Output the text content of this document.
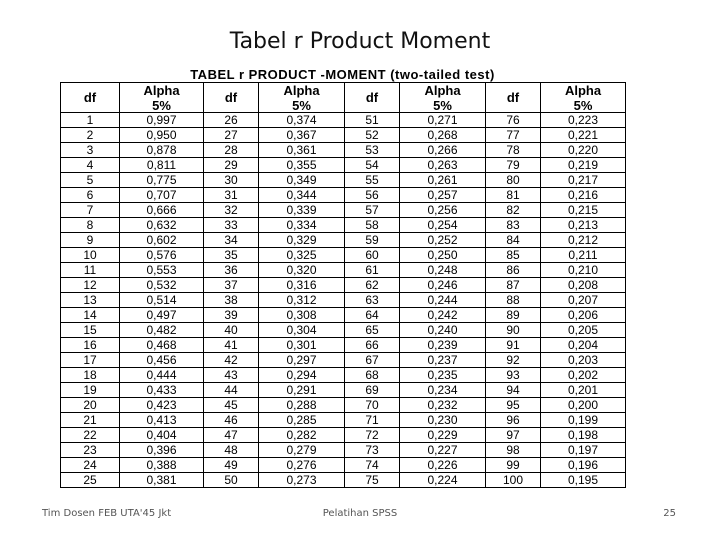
Tabel r Product Moment
TABEL r PRODUCT -MOMENT (two-tailed test)
df	Alpha	df	Alpha	df	Alpha	df	Alpha
	5%		5%		5%		5%
1	0,997	26	0,374	51	0,271	76	0,223
2	0,950	27	0,367	52	0,268	77	0,221
3	0,878	28	0,361	53	0,266	78	0,220
4	0,811	29	0,355	54	0,263	79	0,219
5	0,775	30	0,349	55	0,261	80	0,217
6	0,707	31	0,344	56	0,257	81	0,216
7	0,666	32	0,339	57	0,256	82	0,215
8	0,632	33	0,334	58	0,254	83	0,213
9	0,602	34	0,329	59	0,252	84	0,212
10	0,576	35	0,325	60	0,250	85	0,211
11	0,553	36	0,320	61	0,248	86	0,210
12	0,532	37	0,316	62	0,246	87	0,208
13	0,514	38	0,312	63	0,244	88	0,207
14	0,497	39	0,308	64	0,242	89	0,206
15	0,482	40	0,304	65	0,240	90	0,205
16	0,468	41	0,301	66	0,239	91	0,204
17	0,456	42	0,297	67	0,237	92	0,203
18	0,444	43	0,294	68	0,235	93	0,202
19	0,433	44	0,291	69	0,234	94	0,201
20	0,423	45	0,288	70	0,232	95	0,200
21	0,413	46	0,285	71	0,230	96	0,199
22	0,404	47	0,282	72	0,229	97	0,198
23	0,396	48	0,279	73	0,227	98	0,197
24	0,388	49	0,276	74	0,226	99	0,196
25	0,381	50	0,273	75	0,224	100	0,195
Tim Dosen FEB UTA'45 Jkt	Pelatihan SPSS	25
